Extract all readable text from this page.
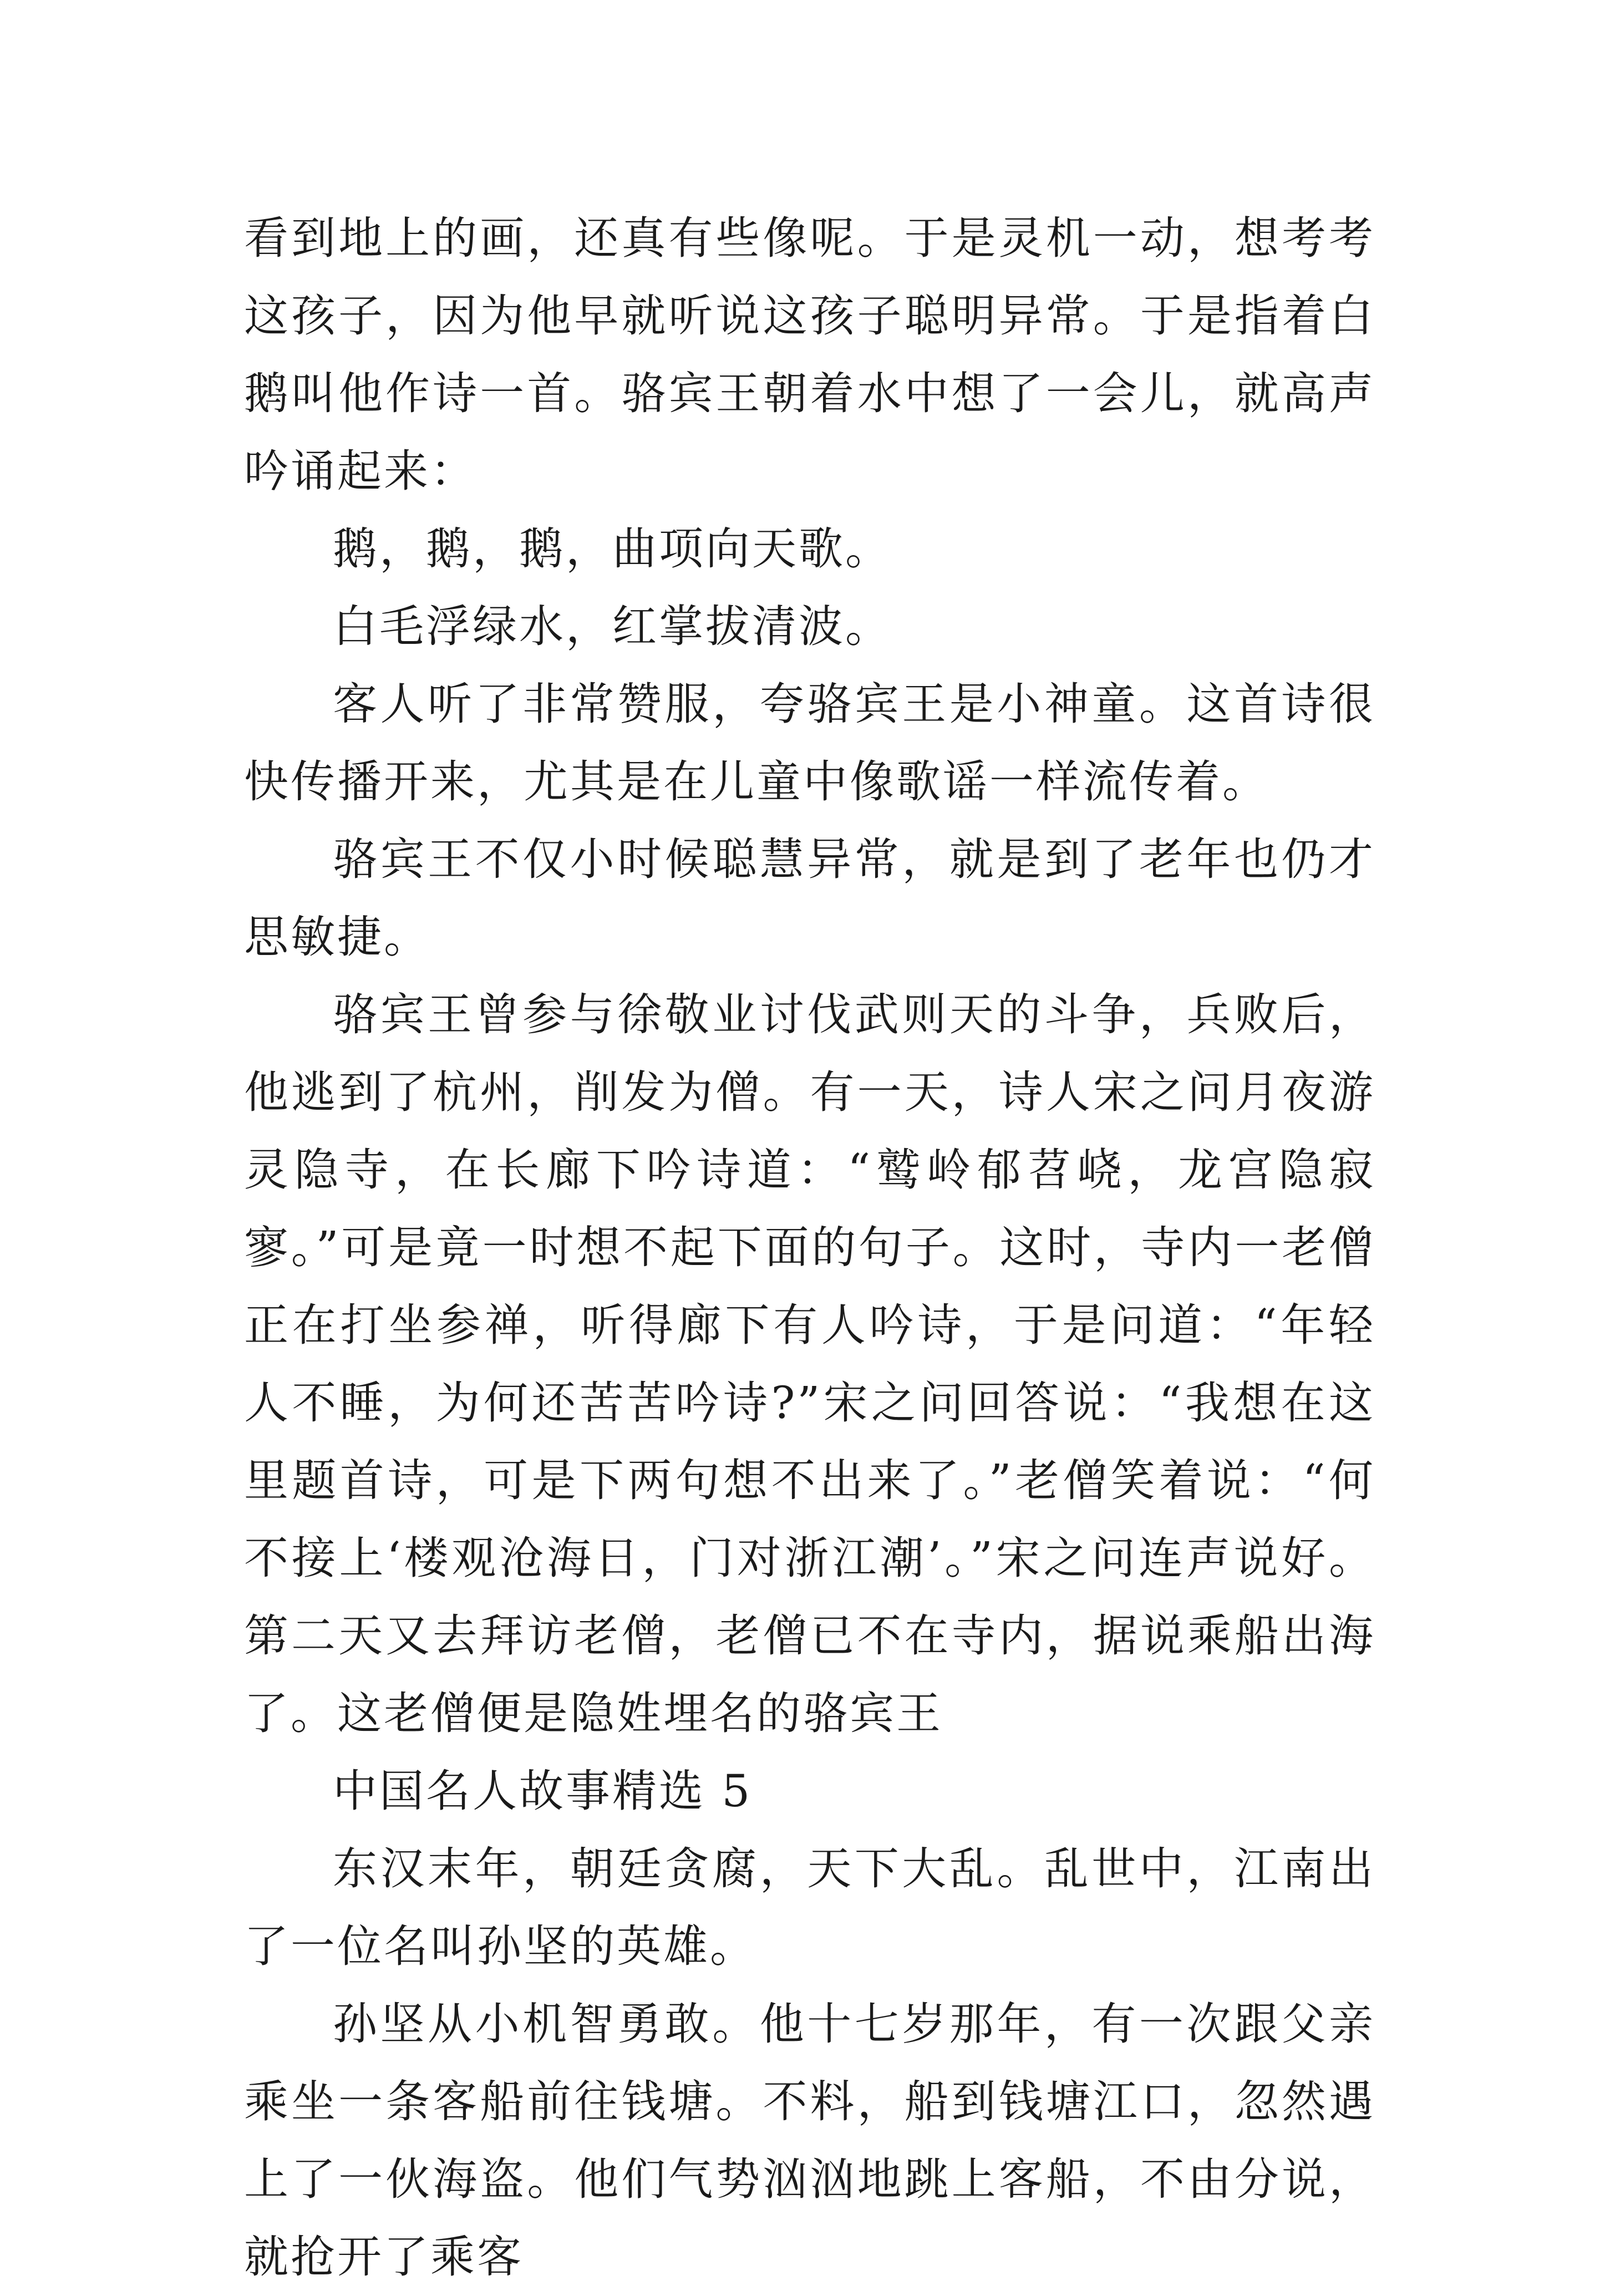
看到地上的画，还真有些像呢。于是灵机一动，想考考这孩子，因为他早就听说这孩子聪明异常。于是指着白鹅叫他作诗一首。骆宾王朝着水中想了一会儿，就高声吟诵起来：

鹅，鹅，鹅，曲项向天歌。

白毛浮绿水，红掌拔清波。

客人听了非常赞服，夸骆宾王是小神童。这首诗很快传播开来，尤其是在儿童中像歌谣一样流传着。

骆宾王不仅小时候聪慧异常，就是到了老年也仍才思敏捷。

骆宾王曾参与徐敬业讨伐武则天的斗争，兵败后，他逃到了杭州，削发为僧。有一天，诗人宋之问月夜游灵隐寺，在长廊下吟诗道：“鹫岭郁苕峣，龙宫隐寂寥。”可是竟一时想不起下面的句子。这时，寺内一老僧正在打坐参禅，听得廊下有人吟诗，于是问道：“年轻人不睡，为何还苦苦吟诗?”宋之问回答说：“我想在这里题首诗，可是下两句想不出来了。”老僧笑着说：“何不接上‘楼观沧海日，门对浙江潮’。”宋之问连声说好。第二天又去拜访老僧，老僧已不在寺内，据说乘船出海了。这老僧便是隐姓埋名的骆宾王

中国名人故事精选 5

东汉末年，朝廷贪腐，天下大乱。乱世中，江南出了一位名叫孙坚的英雄。

孙坚从小机智勇敢。他十七岁那年，有一次跟父亲乘坐一条客船前往钱塘。不料，船到钱塘江口，忽然遇上了一伙海盗。他们气势汹汹地跳上客船，不由分说，就抢开了乘客
